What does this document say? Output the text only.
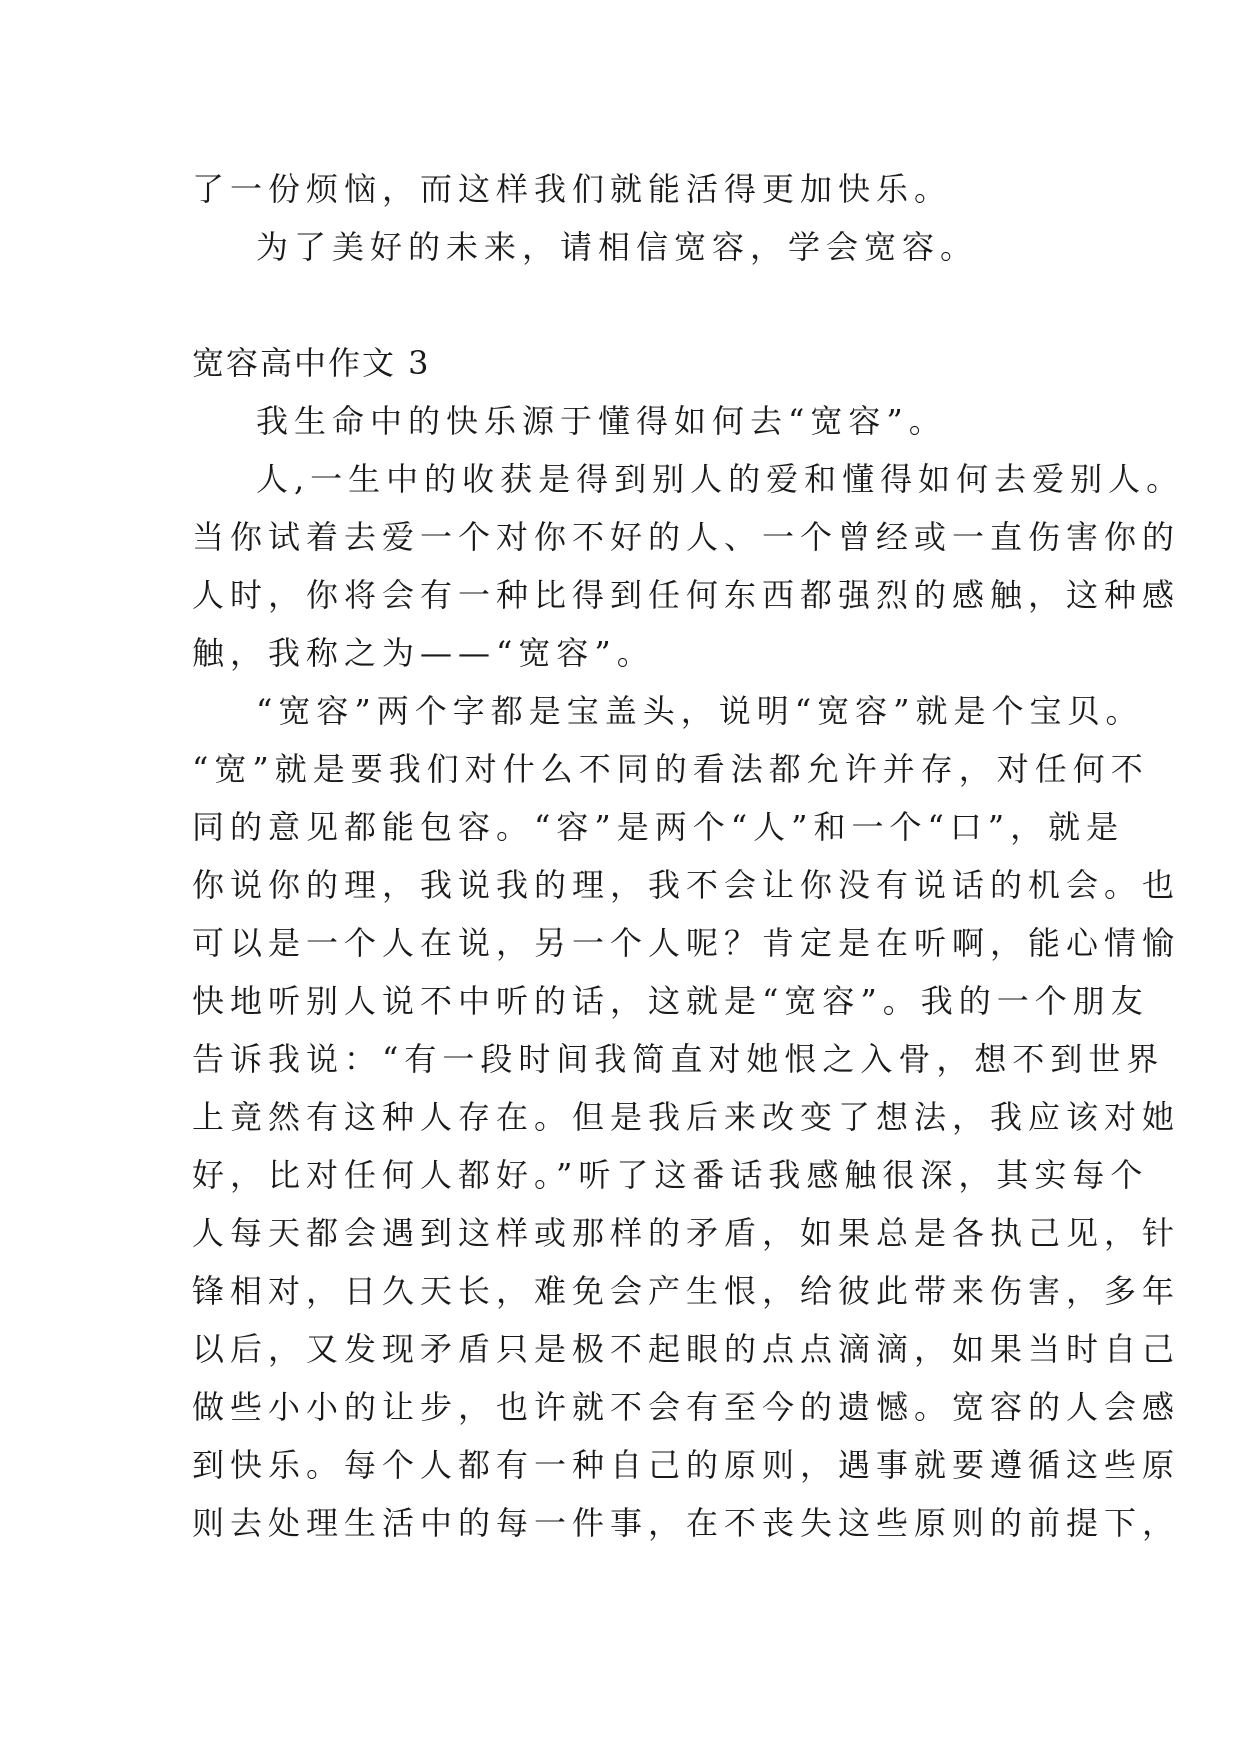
了一份烦恼，而这样我们就能活得更加快乐。
为了美好的未来，请相信宽容，学会宽容。
宽容高中作文 3
我生命中的快乐源于懂得如何去“宽容”。
人,一生中的收获是得到别人的爱和懂得如何去爱别人。
当你试着去爱一个对你不好的人、一个曾经或一直伤害你的
人时，你将会有一种比得到任何东西都强烈的感触，这种感
触，我称之为——“宽容”。
“宽容”两个字都是宝盖头，说明“宽容”就是个宝贝。
“宽”就是要我们对什么不同的看法都允许并存，对任何不
同的意见都能包容。“容”是两个“人”和一个“口”，就是
你说你的理，我说我的理，我不会让你没有说话的机会。也
可以是一个人在说，另一个人呢？肯定是在听啊，能心情愉
快地听别人说不中听的话，这就是“宽容”。我的一个朋友
告诉我说：“有一段时间我简直对她恨之入骨，想不到世界
上竟然有这种人存在。但是我后来改变了想法，我应该对她
好，比对任何人都好。”听了这番话我感触很深，其实每个
人每天都会遇到这样或那样的矛盾，如果总是各执己见，针
锋相对，日久天长，难免会产生恨，给彼此带来伤害，多年
以后，又发现矛盾只是极不起眼的点点滴滴，如果当时自己
做些小小的让步，也许就不会有至今的遗憾。宽容的人会感
到快乐。每个人都有一种自己的原则，遇事就要遵循这些原
则去处理生活中的每一件事，在不丧失这些原则的前提下，
